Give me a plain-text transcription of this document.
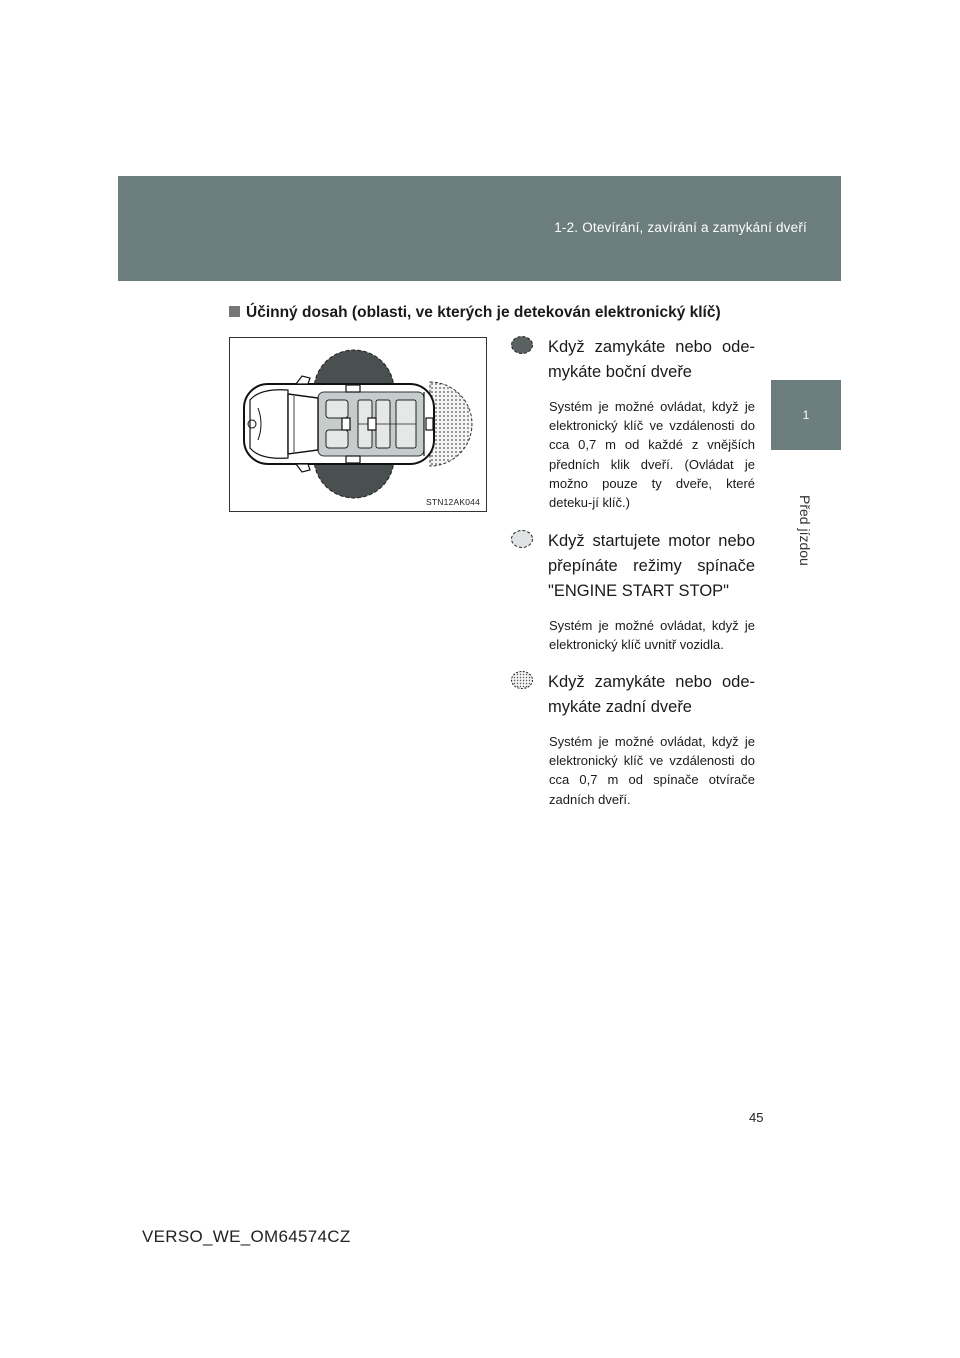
1-2. Otevírání, zavírání a zamykání dveří
1
Před jízdou
Účinný dosah (oblasti, ve kterých je detekován elektronický klíč)
STN12AK044

Když zamykáte nebo ode-mykáte boční dveře

Systém je možné ovládat, když je elektronický klíč ve vzdálenosti do cca 0,7 m od každé z vnějších předních klik dveří. (Ovládat je možno pouze ty dveře, které deteku-jí klíč.)

Když startujete motor nebo přepínáte režimy spínače "ENGINE START STOP"

Systém je možné ovládat, když je elektronický klíč uvnitř vozidla.

Když zamykáte nebo ode-mykáte zadní dveře

Systém je možné ovládat, když je elektronický klíč ve vzdálenosti do cca 0,7 m od spínače otvírače zadních dveří.

45
VERSO_WE_OM64574CZ
